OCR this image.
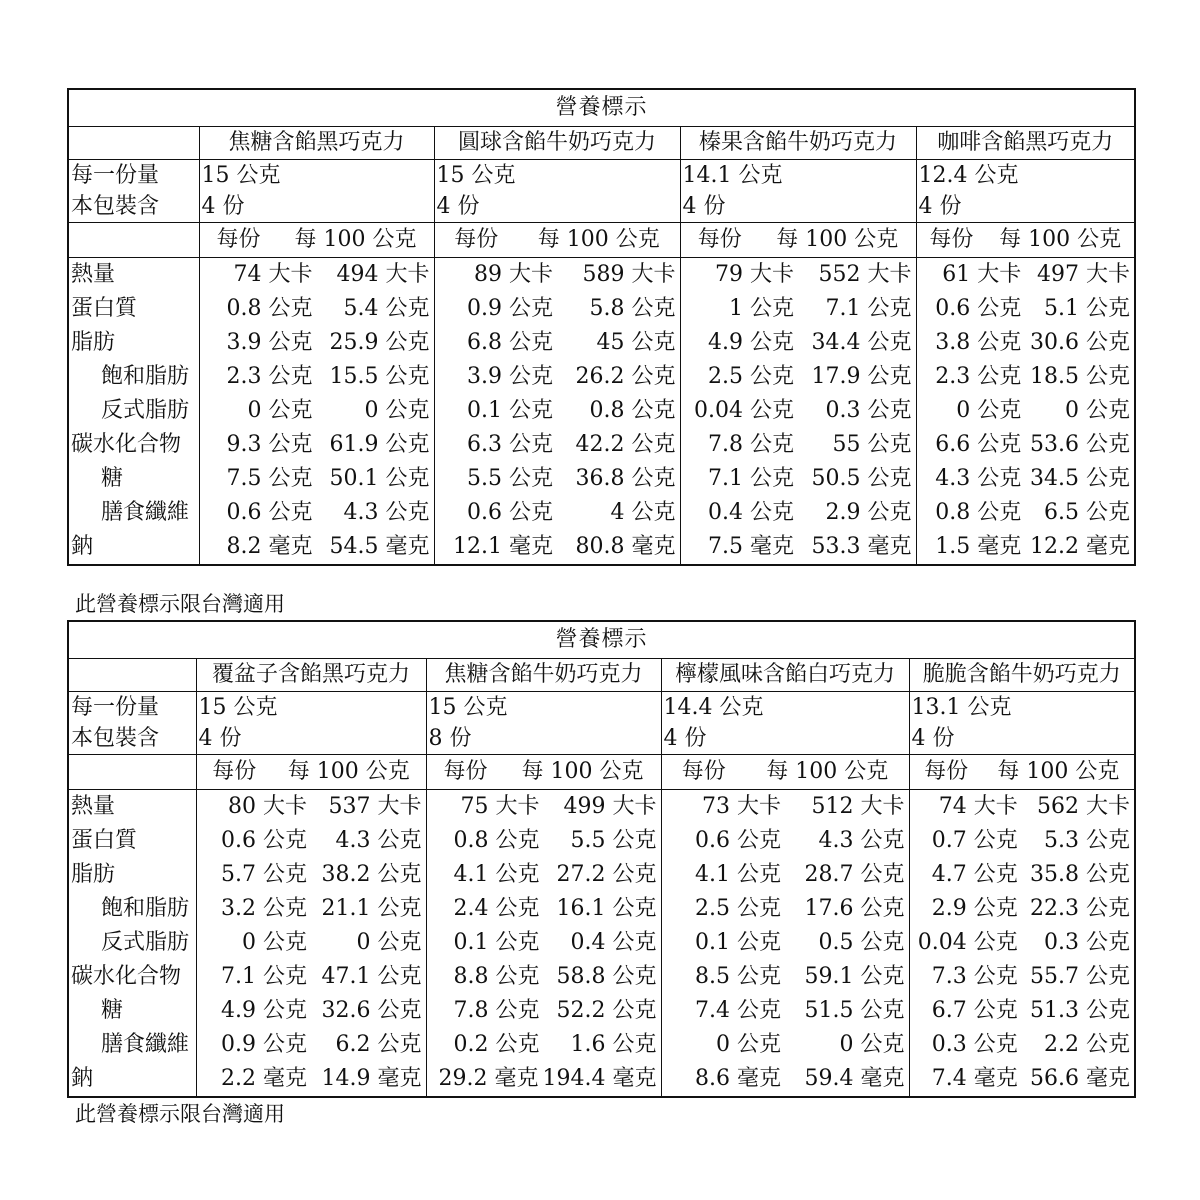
營養標示				
	焦糖含餡黑巧克力	圓球含餡牛奶巧克力	榛果含餡牛奶巧克力	咖啡含餡黑巧克力
每一份量	15 公克	15 公克	14.1 公克	12.4 公克
本包裝含	4 份	4 份	4 份	4 份

	每份 每 100 公克	每份 每 100 公克	每份 每 100 公克	每份 每 100 公克

熱量	74 大卡 494 大卡	89 大卡 589 大卡	79 大卡 552 大卡	61 大卡 497 大卡

蛋白質	0.8 公克 5.4 公克	0.9 公克 5.8 公克	1 公克 7.1 公克	0.6 公克 5.1 公克

脂肪	3.9 公克 25.9 公克	6.8 公克 45 公克	4.9 公克 34.4 公克	3.8 公克 30.6 公克

飽和脂肪	2.3 公克 15.5 公克	3.9 公克 26.2 公克	2.5 公克 17.9 公克	2.3 公克 18.5 公克

反式脂肪	0 公克 0 公克	0.1 公克 0.8 公克	0.04 公克 0.3 公克	0 公克 0 公克

碳水化合物	9.3 公克 61.9 公克	6.3 公克 42.2 公克	7.8 公克 55 公克	6.6 公克 53.6 公克

糖	7.5 公克 50.1 公克	5.5 公克 36.8 公克	7.1 公克 50.5 公克	4.3 公克 34.5 公克

膳食纖維	0.6 公克 4.3 公克	0.6 公克 4 公克	0.4 公克 2.9 公克	0.8 公克 6.5 公克

鈉	8.2 毫克 54.5 毫克	12.1 毫克 80.8 毫克	7.5 毫克 53.3 毫克	1.5 毫克 12.2 毫克
此營養標示限台灣適用
營養標示				
	覆盆子含餡黑巧克力	焦糖含餡牛奶巧克力	檸檬風味含餡白巧克力	脆脆含餡牛奶巧克力
每一份量	15 公克	15 公克	14.4 公克	13.1 公克
本包裝含	4 份	8 份	4 份	4 份

	每份 每 100 公克	每份 每 100 公克	每份 每 100 公克	每份 每 100 公克

熱量	80 大卡 537 大卡	75 大卡 499 大卡	73 大卡 512 大卡	74 大卡 562 大卡

蛋白質	0.6 公克 4.3 公克	0.8 公克 5.5 公克	0.6 公克 4.3 公克	0.7 公克 5.3 公克

脂肪	5.7 公克 38.2 公克	4.1 公克 27.2 公克	4.1 公克 28.7 公克	4.7 公克 35.8 公克

飽和脂肪	3.2 公克 21.1 公克	2.4 公克 16.1 公克	2.5 公克 17.6 公克	2.9 公克 22.3 公克

反式脂肪	0 公克 0 公克	0.1 公克 0.4 公克	0.1 公克 0.5 公克	0.04 公克 0.3 公克

碳水化合物	7.1 公克 47.1 公克	8.8 公克 58.8 公克	8.5 公克 59.1 公克	7.3 公克 55.7 公克

糖	4.9 公克 32.6 公克	7.8 公克 52.2 公克	7.4 公克 51.5 公克	6.7 公克 51.3 公克

膳食纖維	0.9 公克 6.2 公克	0.2 公克 1.6 公克	0 公克 0 公克	0.3 公克 2.2 公克

鈉	2.2 毫克 14.9 毫克	29.2 毫克 194.4 毫克	8.6 毫克 59.4 毫克	7.4 毫克 56.6 毫克
此營養標示限台灣適用
